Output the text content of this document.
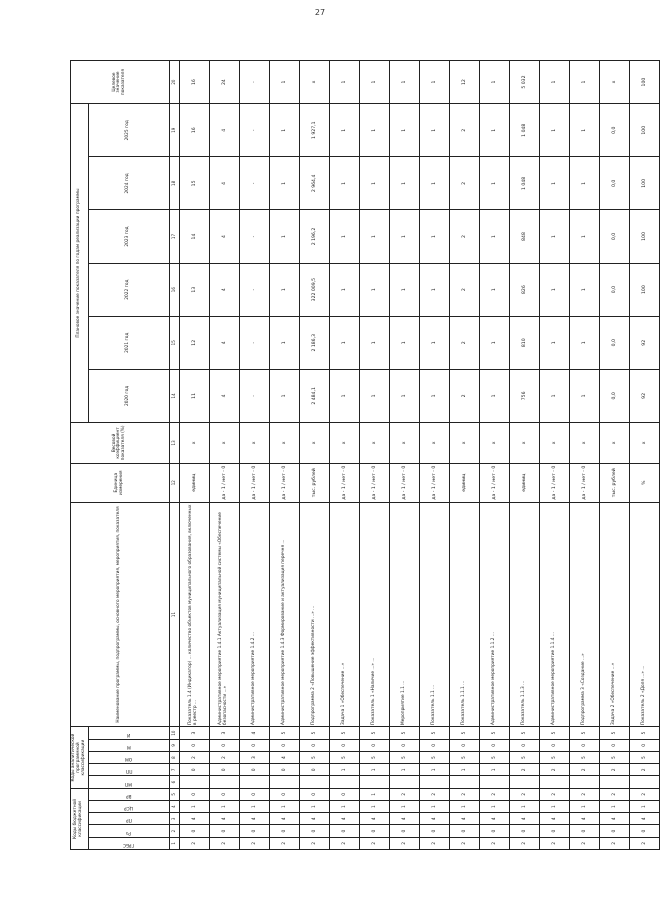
27
Коды бюджетной классификации					Коды аналитической программной классификации					Наименование программы, подпрограммы, основного мероприятия, мероприятия, показателя	Единица измерения	Весовой коэффициент показателя (%)	Плановое значение показателя по годам реализации программы						Целевое значение показателя

ГРБС	Рз	ПР	ЦСР	ВР	МП	ПП	ОМ	М	И				2020 год	2021 год	2022 год	2023 год	2024 год	2025 год	
1	2	3	4	5	6	7	8	9	10	11	12	13	14	15	16	17	18	19	20
2	0	4	1	0		0	2	0	3	Показатель 1.4 (Индикатор) ... количество объектов муниципального образования, включенных в реестр ...	единиц	х	11	12	13	14	15	16	16
2	0	4	1	0		0	2	0	3	Административное мероприятие 1.4.1 Актуализация муниципальной системы «Обеспечение безопасности ...»	да - 1 / нет - 0	х	4	4	4	4	4	4	24
2	0	4	1	0		0	3	0	4	Административное мероприятие 1.4.2 ...	да - 1 / нет - 0	х	-	-	-	-	-	-	-
2	0	4	1	0		0	4	0	5	Административное мероприятие 1.4.3 Формирование и актуализация перечня ...	да - 1 / нет - 0	х	1	1	1	1	1	1	1
2	0	4	1	0		0	5	0	5	Подпрограмма 2 «Повышение эффективности ...» ...	тыс. рублей	х	2 484,1	2 186,3	322 009,5	2 196,2	2 964,4	1 927,1	х
2	0	4	1	0		1	5	0	5	Задача 1 «Обеспечение ...»	да - 1 / нет - 0	х	1	1	1	1	1	1	1
2	0	4	1	1		1	5	0	5	Показатель 1 «Наличие ...» ...	да - 1 / нет - 0	х	1	1	1	1	1	1	1
2	0	4	1	2		1	5	0	5	Мероприятие 1.1 ...	да - 1 / нет - 0	х	1	1	1	1	1	1	1
2	0	4	1	2		1	5	0	5	Показатель 1.1 ...	да - 1 / нет - 0	х	1	1	1	1	1	1	1
2	0	4	1	2		1	5	0	5	Показатель 1.1.1 ...	единиц	х	2	2	2	2	2	2	12
2	0	4	1	2		1	5	0	5	Административное мероприятие 1.1.2 ...	да - 1 / нет - 0	х	1	1	1	1	1	1	1
2	0	4	1	2		2	5	0	5	Показатель 1.1.3 ...	единиц	х	756	810	826	848	1 048	1 048	5 032
2	0	4	1	2		2	5	0	5	Административное мероприятие 1.1.4 ...	да - 1 / нет - 0	х	1	1	1	1	1	1	1
2	0	4	1	2		2	5	0	5	Подпрограмма 3 «Создание ...»	да - 1 / нет - 0	х	1	1	1	1	1	1	1
2	0	4	1	2		2	5	0	5	Задача 2 «Обеспечение ...»	тыс. рублей	х	0,0	0,0	0,0	0,0	0,0	0,0	х
2	0	4	1	2		2	5	0	5	Показатель 2 «Доля ...» ...	%	х	92	92	100	100	100	100	100
